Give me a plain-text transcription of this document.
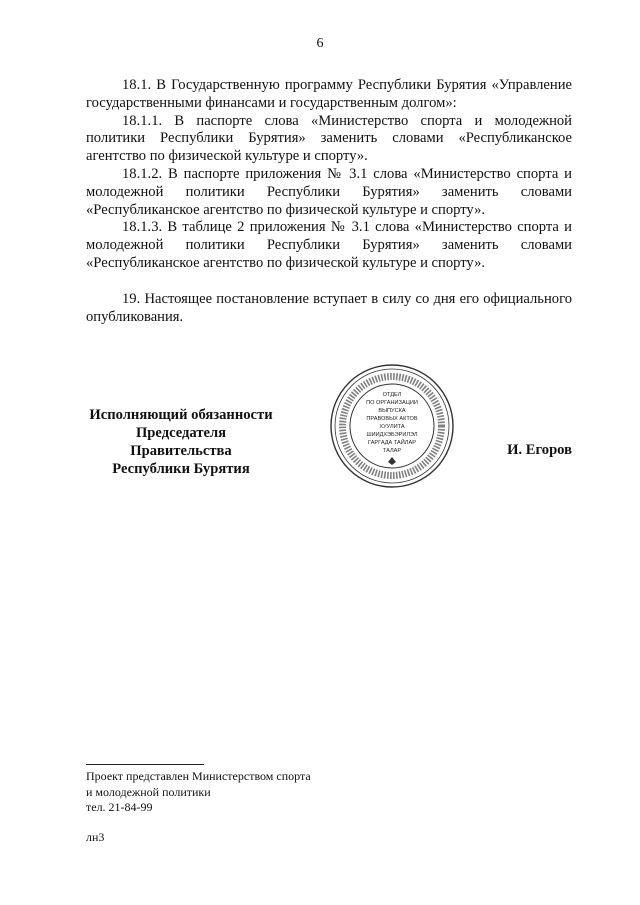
6

18.1. В Государственную программу Республики Бурятия «Управление государственными финансами и государственным долгом»:

18.1.1. В паспорте слова «Министерство спорта и молодежной политики Республики Бурятия» заменить словами «Республиканское агентство по физической культуре и спорту».

18.1.2. В паспорте приложения № 3.1 слова «Министерство спорта и молодежной политики Республики Бурятия» заменить словами «Республиканское агентство по физической культуре и спорту».

18.1.3. В таблице 2 приложения № 3.1 слова «Министерство спорта и молодежной политики Республики Бурятия» заменить словами «Республиканское агентство по физической культуре и спорту».

19. Настоящее постановление вступает в силу со дня его официального опубликования.

Исполняющий обязанности
Председателя Правительства
Республики Бурятия
ОТДЕЛ
ПО ОРГАНИЗАЦИИ
ВЫПУСКА
ПРАВОВЫХ АКТОВ
ХУУЛИТА
ШИИДХЭБЭРИЛЭЛ
ГАРГАДА ТАЙЛАР
ТАЛАР	И. Егоров
Проект представлен Министерством спорта
и молодежной политики
тел. 21-84-99
лн3
